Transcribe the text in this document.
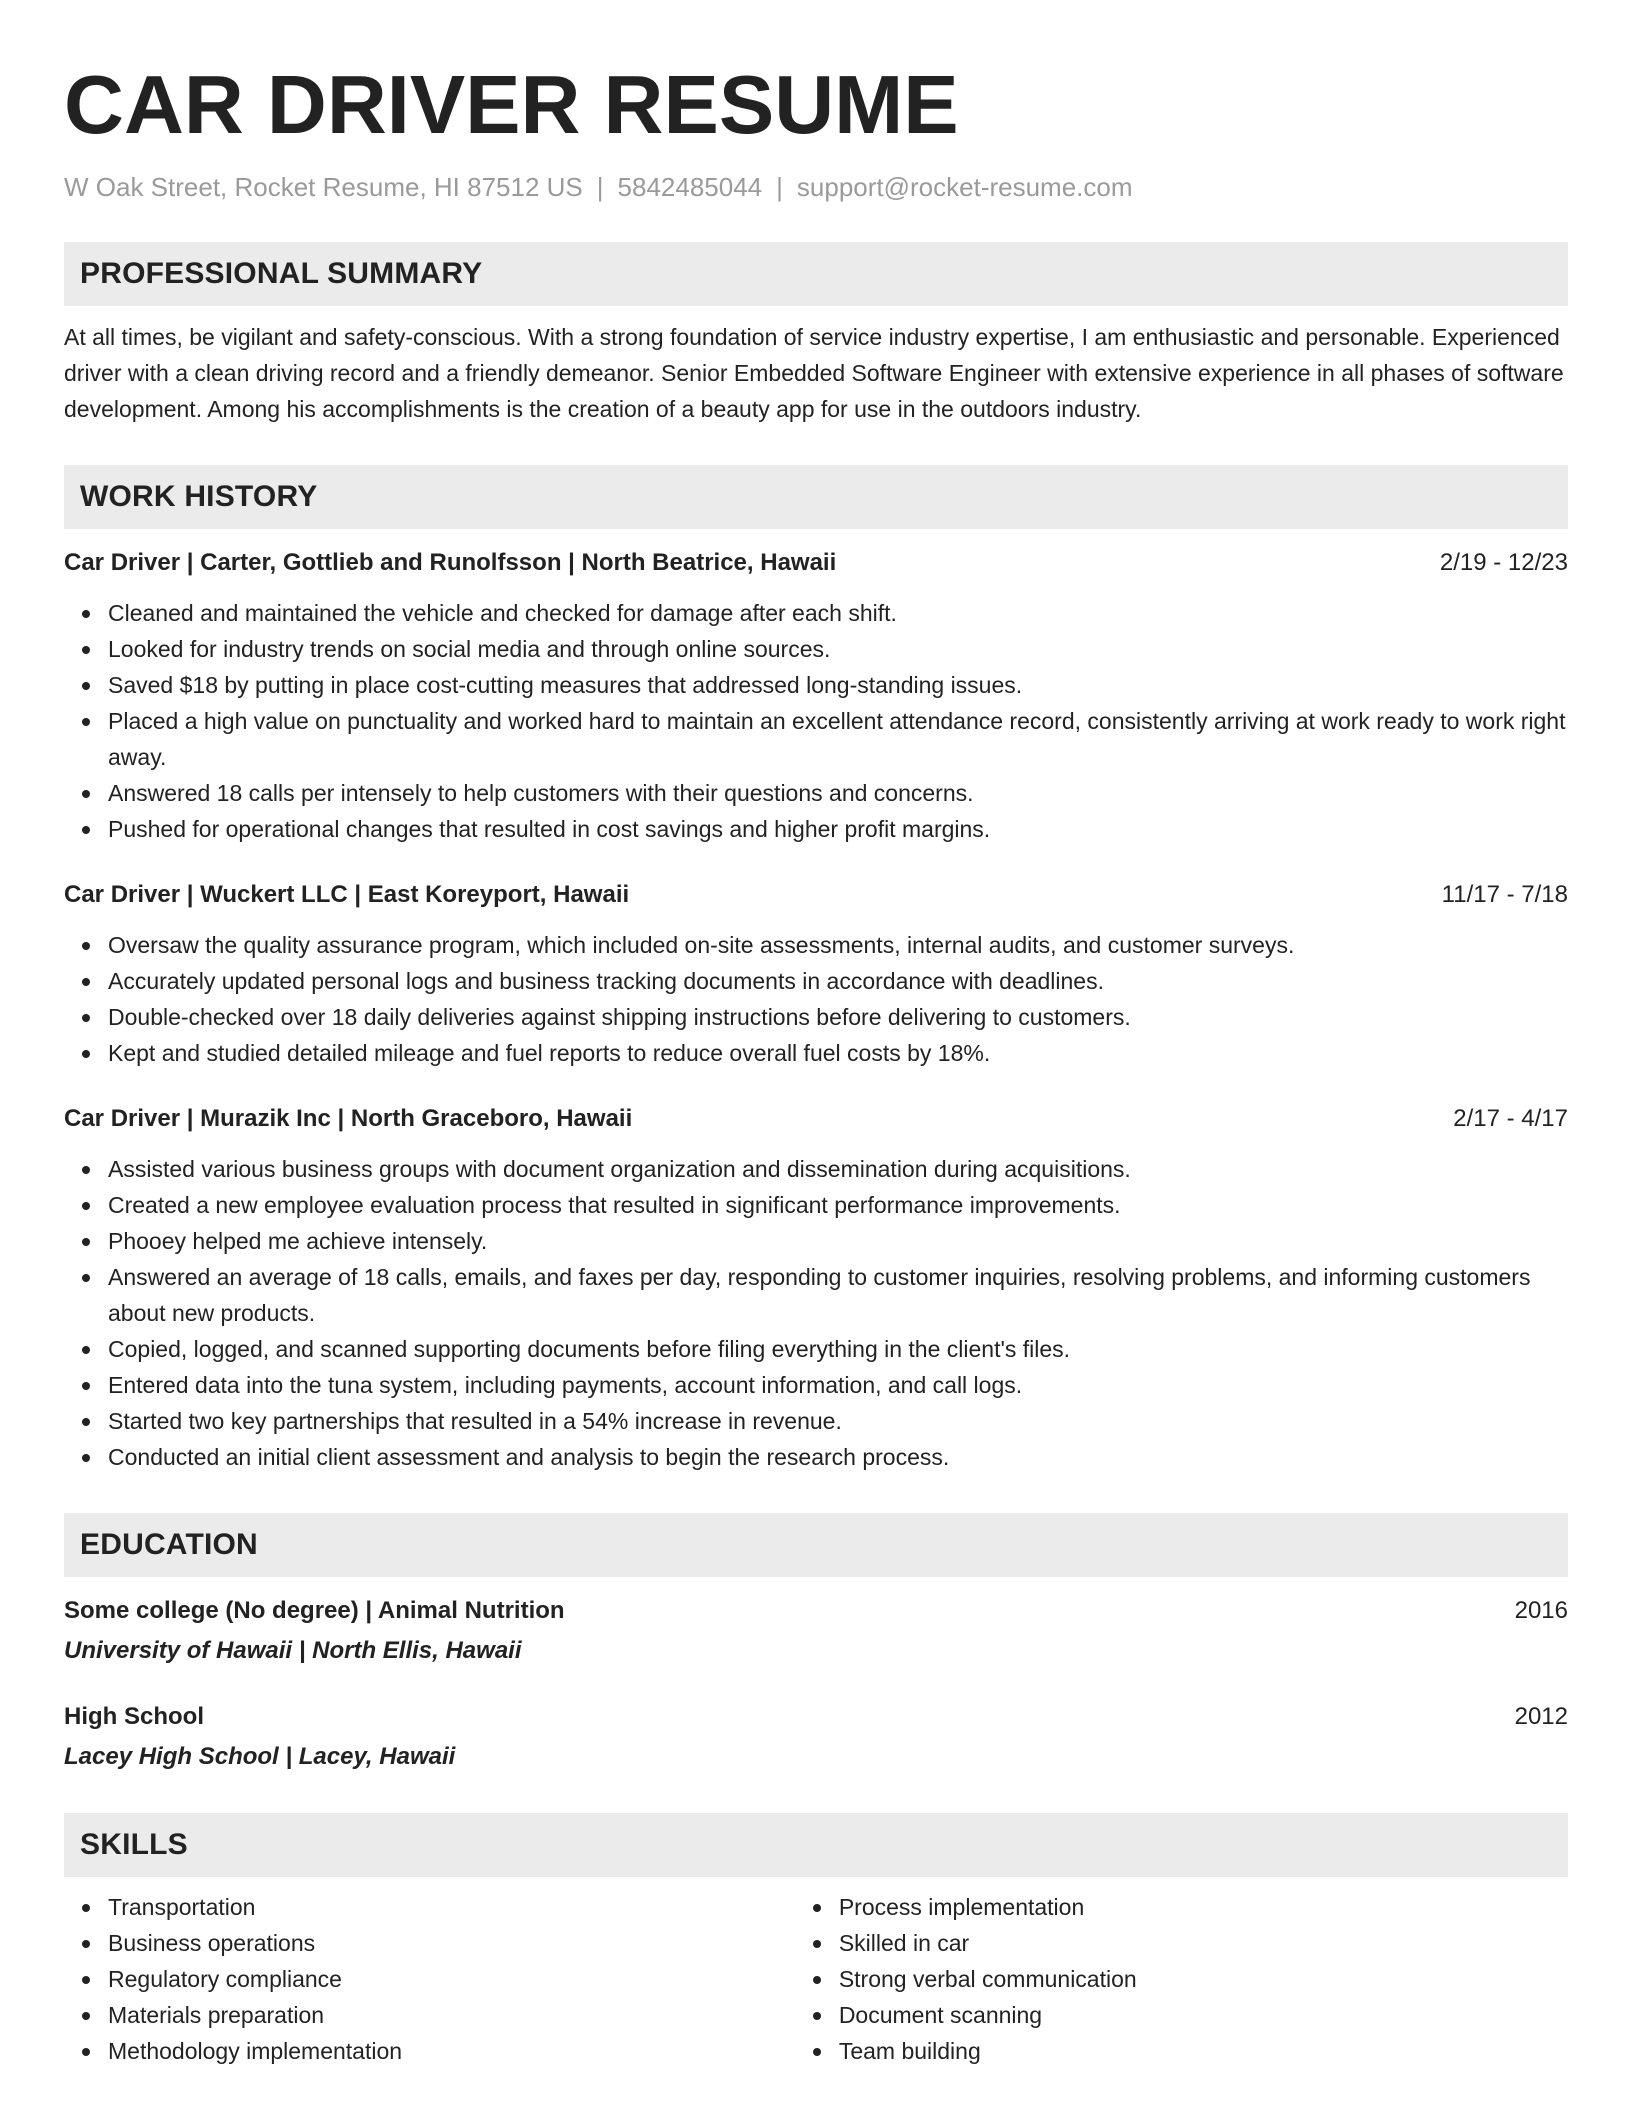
CAR DRIVER RESUME
W Oak Street, Rocket Resume, HI 87512 US | 5842485044 | support@rocket-resume.com
PROFESSIONAL SUMMARY
At all times, be vigilant and safety-conscious. With a strong foundation of service industry expertise, I am enthusiastic and personable. Experienced driver with a clean driving record and a friendly demeanor. Senior Embedded Software Engineer with extensive experience in all phases of software development. Among his accomplishments is the creation of a beauty app for use in the outdoors industry.
WORK HISTORY
Car Driver | Carter, Gottlieb and Runolfsson | North Beatrice, Hawaii	2/19 - 12/23
Cleaned and maintained the vehicle and checked for damage after each shift.
Looked for industry trends on social media and through online sources.
Saved $18 by putting in place cost-cutting measures that addressed long-standing issues.
Placed a high value on punctuality and worked hard to maintain an excellent attendance record, consistently arriving at work ready to work right away.
Answered 18 calls per intensely to help customers with their questions and concerns.
Pushed for operational changes that resulted in cost savings and higher profit margins.
Car Driver | Wuckert LLC | East Koreyport, Hawaii	11/17 - 7/18
Oversaw the quality assurance program, which included on-site assessments, internal audits, and customer surveys.
Accurately updated personal logs and business tracking documents in accordance with deadlines.
Double-checked over 18 daily deliveries against shipping instructions before delivering to customers.
Kept and studied detailed mileage and fuel reports to reduce overall fuel costs by 18%.
Car Driver | Murazik Inc | North Graceboro, Hawaii	2/17 - 4/17
Assisted various business groups with document organization and dissemination during acquisitions.
Created a new employee evaluation process that resulted in significant performance improvements.
Phooey helped me achieve intensely.
Answered an average of 18 calls, emails, and faxes per day, responding to customer inquiries, resolving problems, and informing customers about new products.
Copied, logged, and scanned supporting documents before filing everything in the client's files.
Entered data into the tuna system, including payments, account information, and call logs.
Started two key partnerships that resulted in a 54% increase in revenue.
Conducted an initial client assessment and analysis to begin the research process.
EDUCATION
Some college (No degree) | Animal Nutrition	2016
University of Hawaii | North Ellis, Hawaii
High School	2012
Lacey High School | Lacey, Hawaii
SKILLS
Transportation
Business operations
Regulatory compliance
Materials preparation
Methodology implementation
Process implementation
Skilled in car
Strong verbal communication
Document scanning
Team building
